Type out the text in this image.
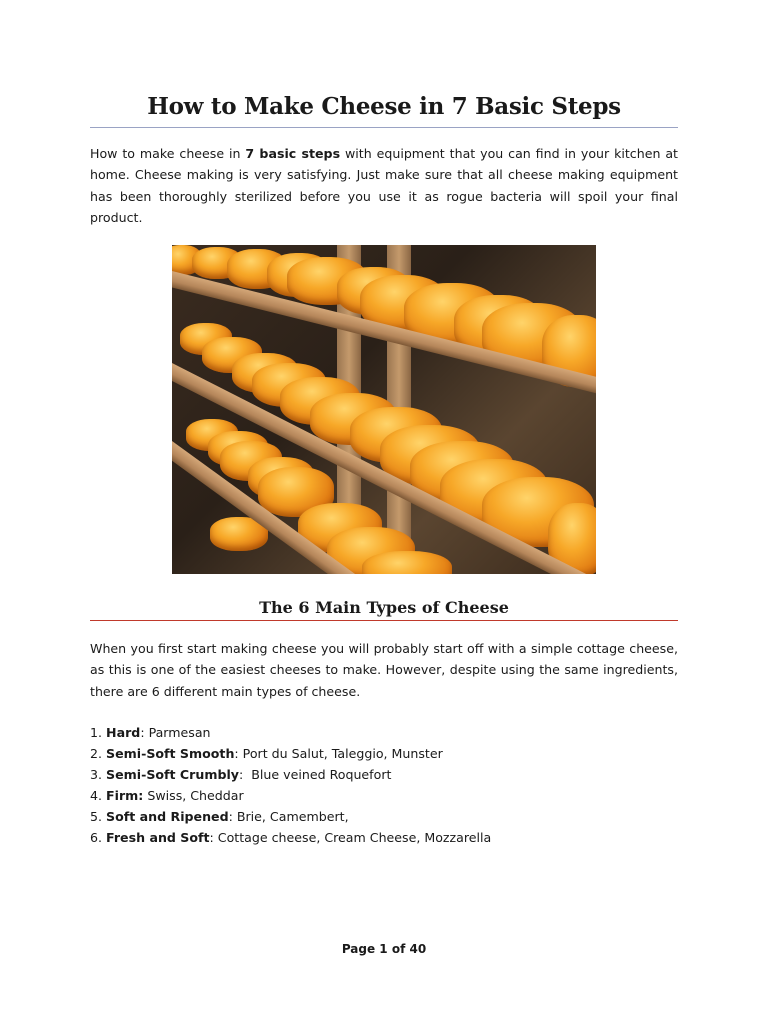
How to Make Cheese in 7 Basic Steps

How to make cheese in 7 basic steps with equipment that you can find in your kitchen at home. Cheese making is very satisfying. Just make sure that all cheese making equipment has been thoroughly sterilized before you use it as rogue bacteria will spoil your final product.

The 6 Main Types of Cheese

When you first start making cheese you will probably start off with a simple cottage cheese, as this is one of the easiest cheeses to make. However, despite using the same ingredients, there are 6 different main types of cheese.

1. Hard: Parmesan
2. Semi-Soft Smooth: Port du Salut, Taleggio, Munster
3. Semi-Soft Crumbly:  Blue veined Roquefort
4. Firm: Swiss, Cheddar
5. Soft and Ripened: Brie, Camembert,
6. Fresh and Soft: Cottage cheese, Cream Cheese, Mozzarella
Page 1 of 40
